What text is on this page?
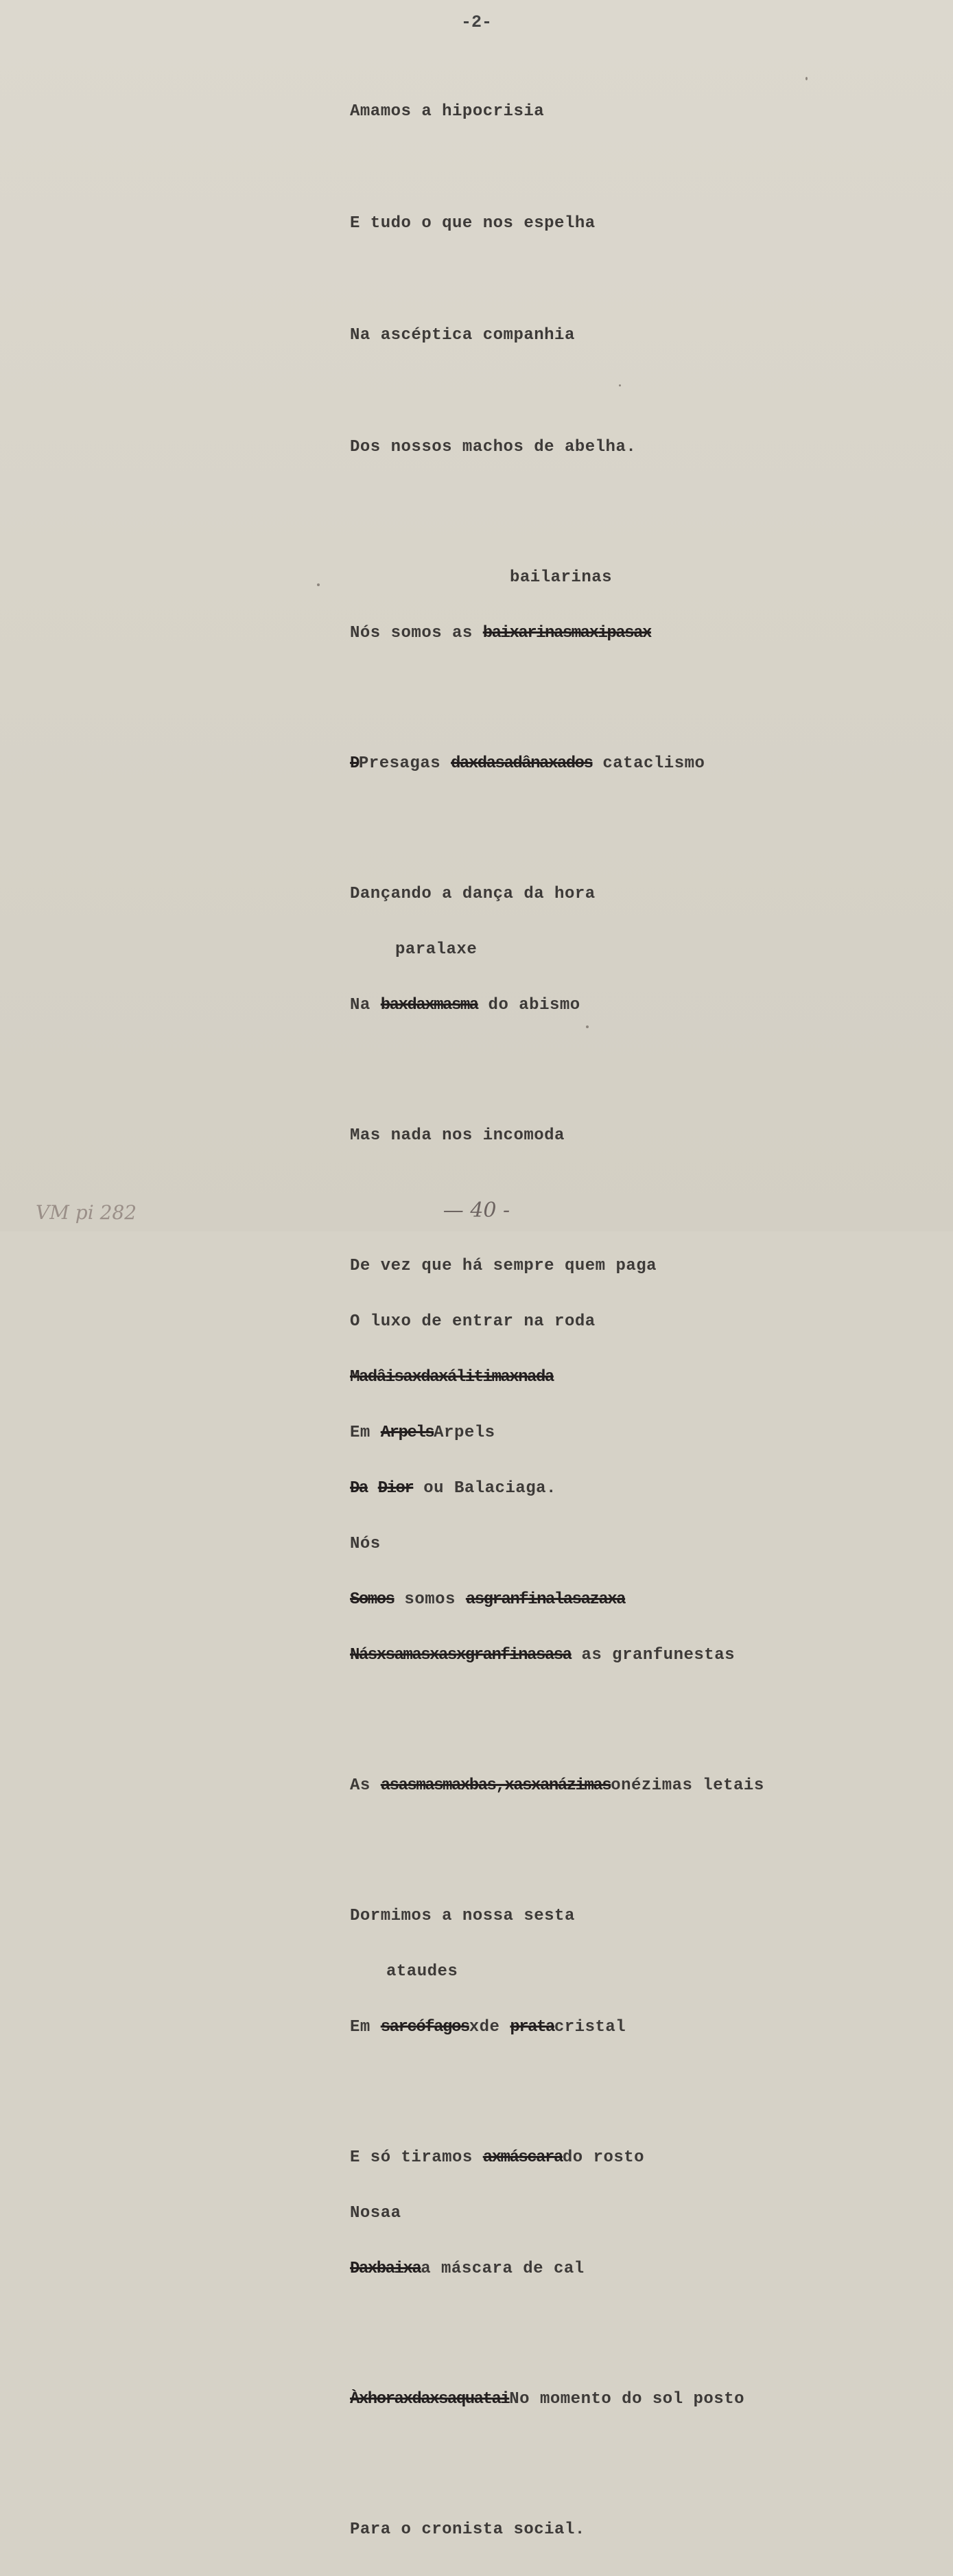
-2-

Amamos a hipocrisia

E tudo o que nos espelha

Na ascéptica companhia

Dos nossos machos de abelha.

bailarinas

Nós somos as baixarinasmaxipasax

DPresagas daxdasadânaxados cataclismo

Dançando a dança da hora

paralaxe

Na baxdaxmasma do abismo

Mas nada nos incomoda

De vez que há sempre quem paga

O luxo de entrar na roda

Madâisaxdaxálitimaxnada

Em ArpelsArpels

Da Dior ou Balaciaga.

Nós

Somos somos asgranfinalasazaxa

Násxsamasxasxgranfinasasa as granfunestas

As asasmasmaxbas,xasxanázimasonézimas letais

Dormimos a nossa sesta

ataudes

Em sarcófagosxde pratacristal

E só tiramos axmáscarado rosto

Nosaa

Daxbaixaa máscara de cal

ÀxhoraxdaxsaquataiNo momento do sol posto

Para o cronista social.

VM pi 282	— 40 -
